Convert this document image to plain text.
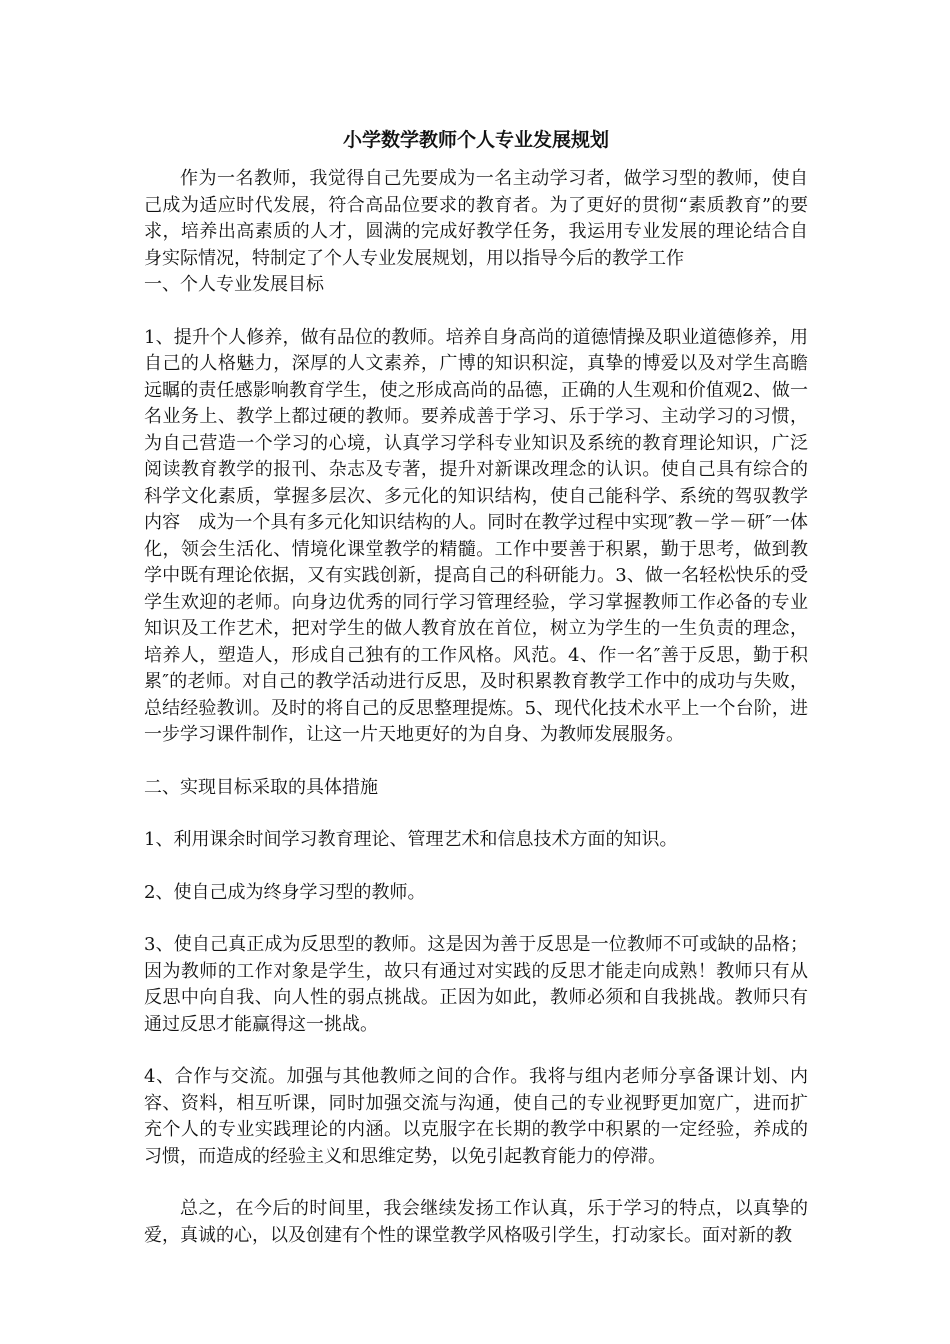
小学数学教师个人专业发展规划

作为一名教师，我觉得自己先要成为一名主动学习者，做学习型的教师，使自己成为适应时代发展，符合高品位要求的教育者。为了更好的贯彻“素质教育”的要求，培养出高素质的人才，圆满的完成好教学任务，我运用专业发展的理论结合自身实际情况，特制定了个人专业发展规划，用以指导今后的教学工作

一、个人专业发展目标

1、提升个人修养，做有品位的教师。培养自身高尚的道德情操及职业道德修养，用自己的人格魅力，深厚的人文素养，广博的知识积淀，真挚的博爱以及对学生高瞻远瞩的责任感影响教育学生，使之形成高尚的品德，正确的人生观和价值观2、做一名业务上、教学上都过硬的教师。要养成善于学习、乐于学习、主动学习的习惯，为自己营造一个学习的心境，认真学习学科专业知识及系统的教育理论知识，广泛阅读教育教学的报刊、杂志及专著，提升对新课改理念的认识。使自己具有综合的科学文化素质，掌握多层次、多元化的知识结构，使自己能科学、系统的驾驭教学内容　成为一个具有多元化知识结构的人。同时在教学过程中实现″教－学－研″一体化，领会生活化、情境化课堂教学的精髓。工作中要善于积累，勤于思考，做到教学中既有理论依据，又有实践创新，提高自己的科研能力。3、做一名轻松快乐的受学生欢迎的老师。向身边优秀的同行学习管理经验，学习掌握教师工作必备的专业知识及工作艺术，把对学生的做人教育放在首位，树立为学生的一生负责的理念，培养人，塑造人，形成自己独有的工作风格。风范。4、作一名″善于反思，勤于积累″的老师。对自己的教学活动进行反思，及时积累教育教学工作中的成功与失败，总结经验教训。及时的将自己的反思整理提炼。5、现代化技术水平上一个台阶，进一步学习课件制作，让这一片天地更好的为自身、为教师发展服务。

二、实现目标采取的具体措施

1、利用课余时间学习教育理论、管理艺术和信息技术方面的知识。

2、使自己成为终身学习型的教师。

3、使自己真正成为反思型的教师。这是因为善于反思是一位教师不可或缺的品格；因为教师的工作对象是学生，故只有通过对实践的反思才能走向成熟！教师只有从反思中向自我、向人性的弱点挑战。正因为如此，教师必须和自我挑战。教师只有通过反思才能赢得这一挑战。

4、合作与交流。加强与其他教师之间的合作。我将与组内老师分享备课计划、内容、资料，相互听课，同时加强交流与沟通，使自己的专业视野更加宽广，进而扩充个人的专业实践理论的内涵。以克服字在长期的教学中积累的一定经验，养成的习惯，而造成的经验主义和思维定势，以免引起教育能力的停滞。

总之，在今后的时间里，我会继续发扬工作认真，乐于学习的特点，以真挚的爱，真诚的心，以及创建有个性的课堂教学风格吸引学生，打动家长。面对新的教
